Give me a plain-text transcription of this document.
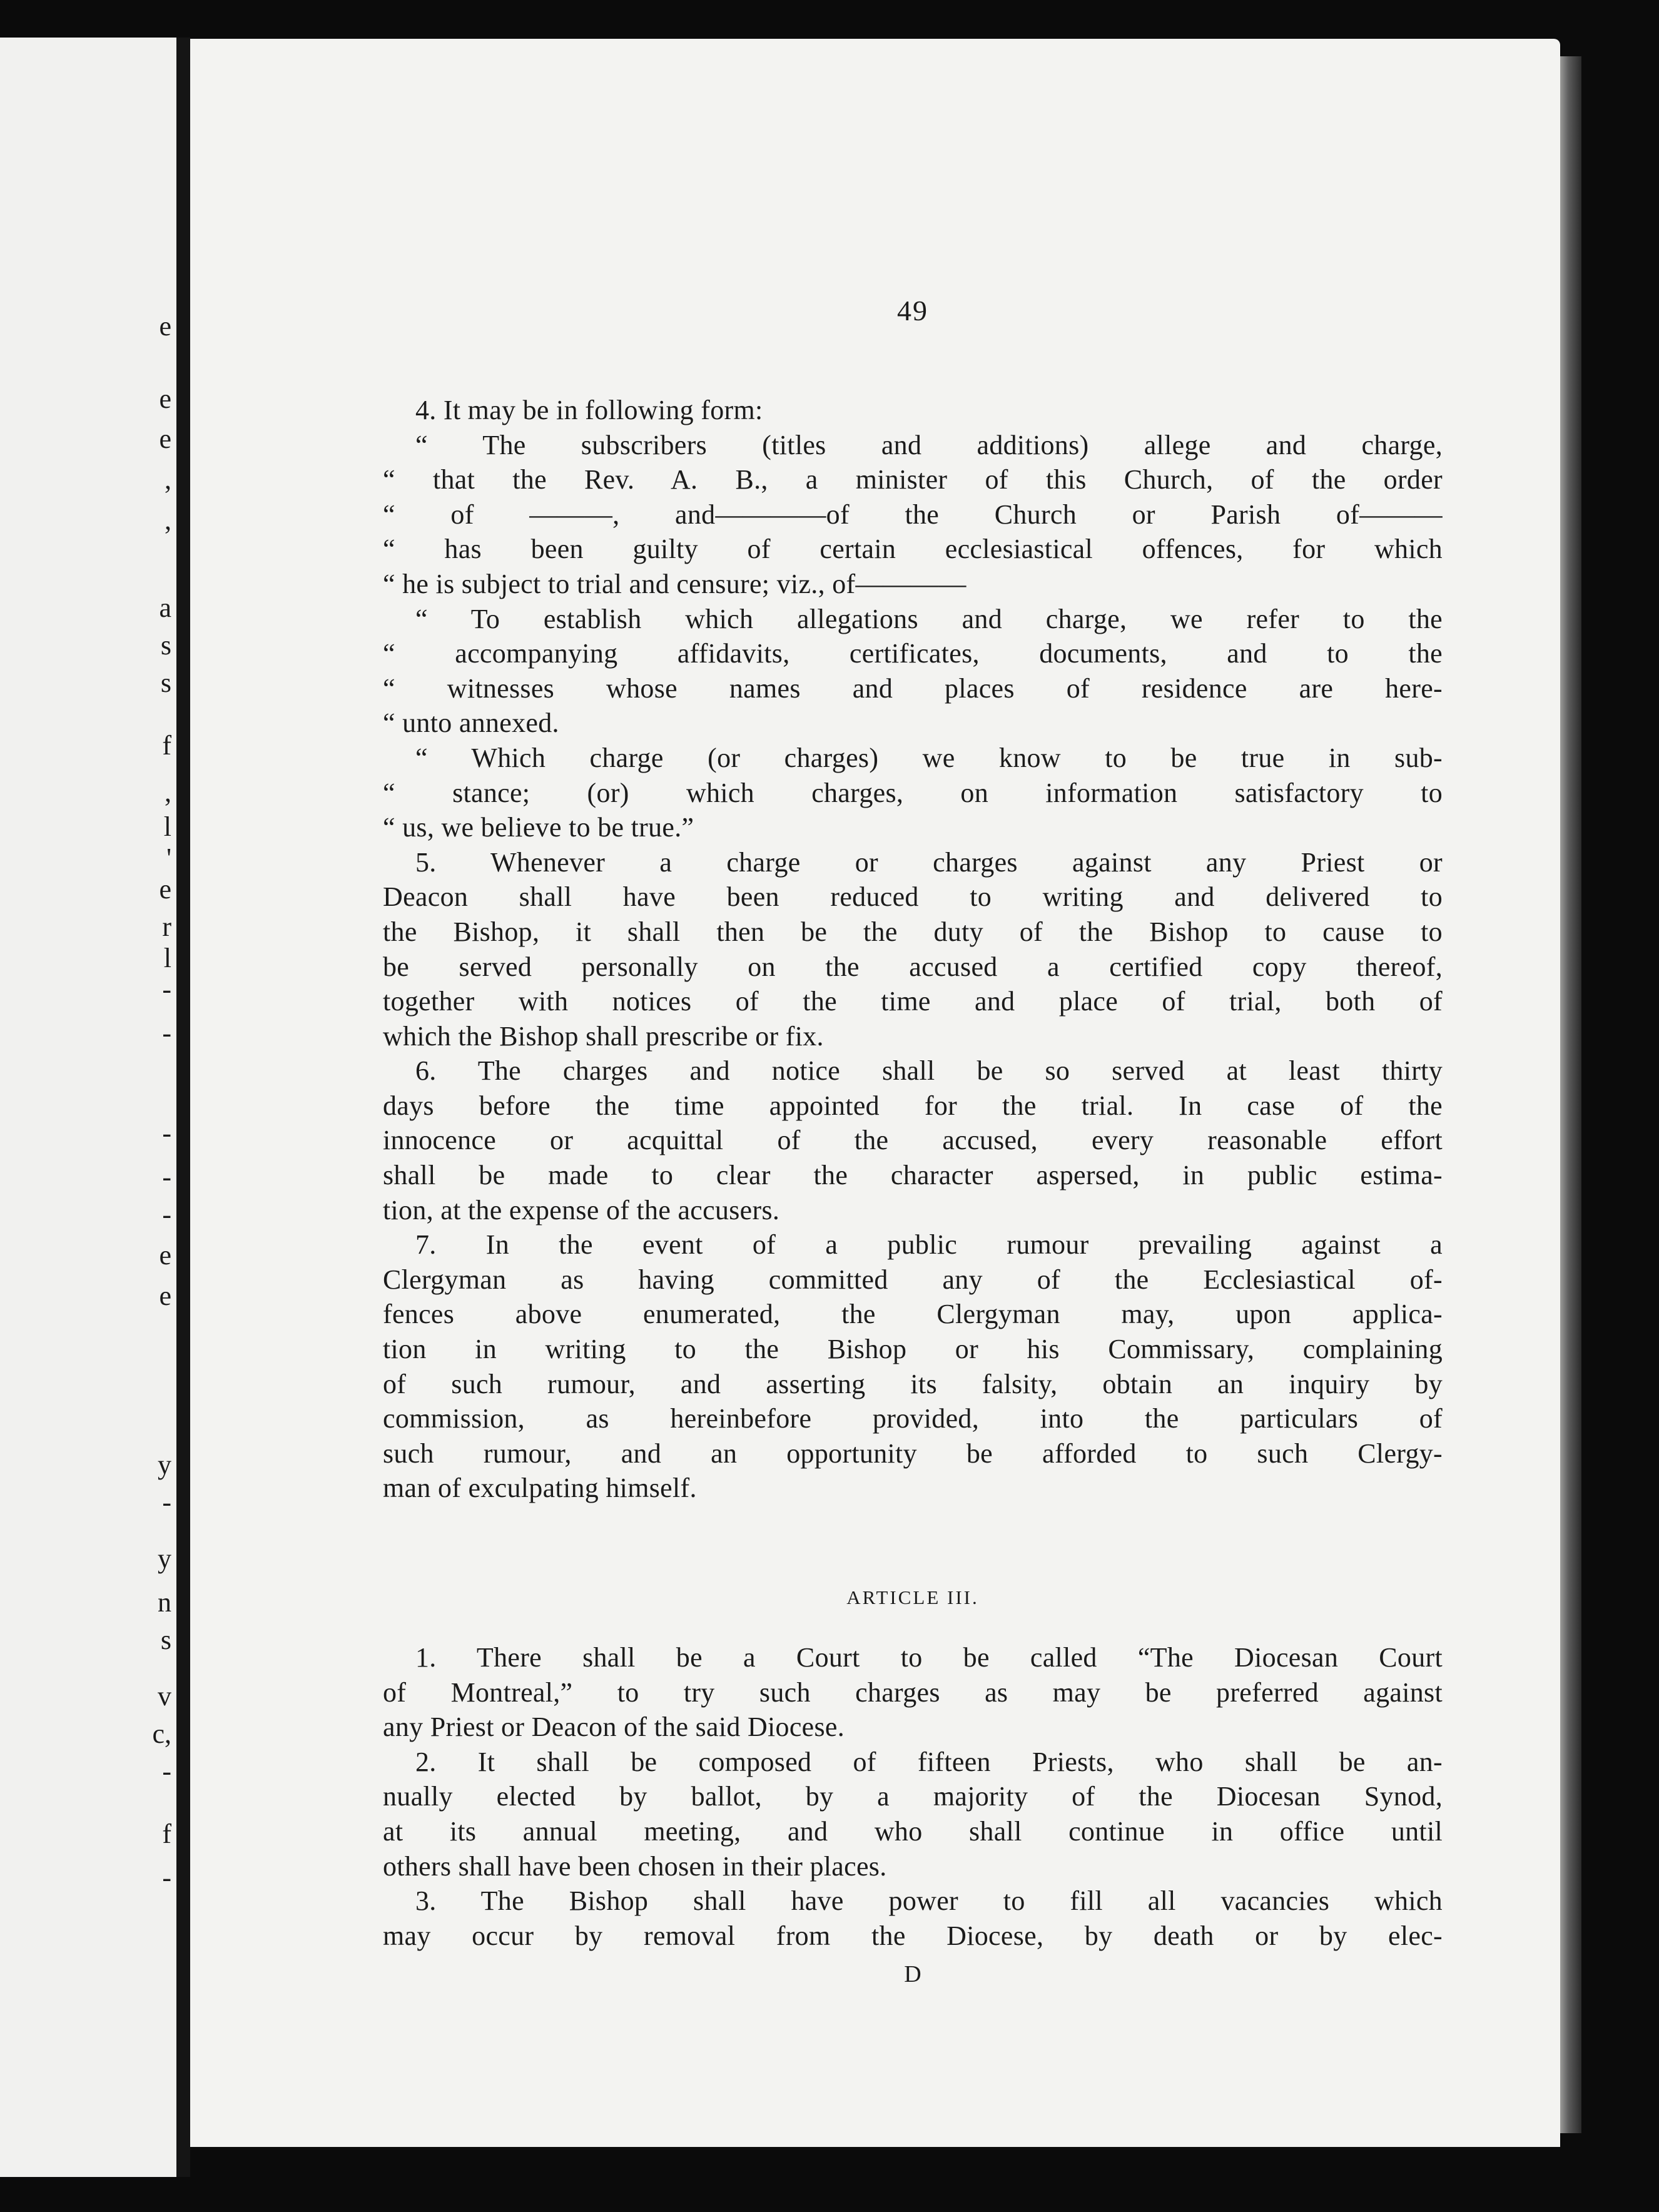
e
e
e
,
,
a
s
s
f
,
l
'
e
r
l
-
-
-
-
-
e
e
y
-
y
n
s
v
c,
-
f
-
49
4. It may be in following form:
“ The subscribers (titles and additions) allege and charge,
“ that the Rev. A. B., a minister of this Church, of the order
“ of ———, and————of the Church or Parish of———
“ has been guilty of certain ecclesiastical offences, for which
“ he is subject to trial and censure; viz., of————
“ To establish which allegations and charge, we refer to the
“ accompanying affidavits, certificates, documents, and to the
“ witnesses whose names and places of residence are here-
“ unto annexed.
“ Which charge (or charges) we know to be true in sub-
“ stance; (or) which charges, on information satisfactory to
“ us, we believe to be true.”
5. Whenever a charge or charges against any Priest or
Deacon shall have been reduced to writing and delivered to
the Bishop, it shall then be the duty of the Bishop to cause to
be served personally on the accused a certified copy thereof,
together with notices of the time and place of trial, both of
which the Bishop shall prescribe or fix.
6. The charges and notice shall be so served at least thirty
days before the time appointed for the trial. In case of the
innocence or acquittal of the accused, every reasonable effort
shall be made to clear the character aspersed, in public estima-
tion, at the expense of the accusers.
7. In the event of a public rumour prevailing against a
Clergyman as having committed any of the Ecclesiastical of-
fences above enumerated, the Clergyman may, upon applica-
tion in writing to the Bishop or his Commissary, complaining
of such rumour, and asserting its falsity, obtain an inquiry by
commission, as hereinbefore provided, into the particulars of
such rumour, and an opportunity be afforded to such Clergy-
man of exculpating himself.
ARTICLE III.
1. There shall be a Court to be called “The Diocesan Court
of Montreal,” to try such charges as may be preferred against
any Priest or Deacon of the said Diocese.
2. It shall be composed of fifteen Priests, who shall be an-
nually elected by ballot, by a majority of the Diocesan Synod,
at its annual meeting, and who shall continue in office until
others shall have been chosen in their places.
3. The Bishop shall have power to fill all vacancies which
may occur by removal from the Diocese, by death or by elec-
D
